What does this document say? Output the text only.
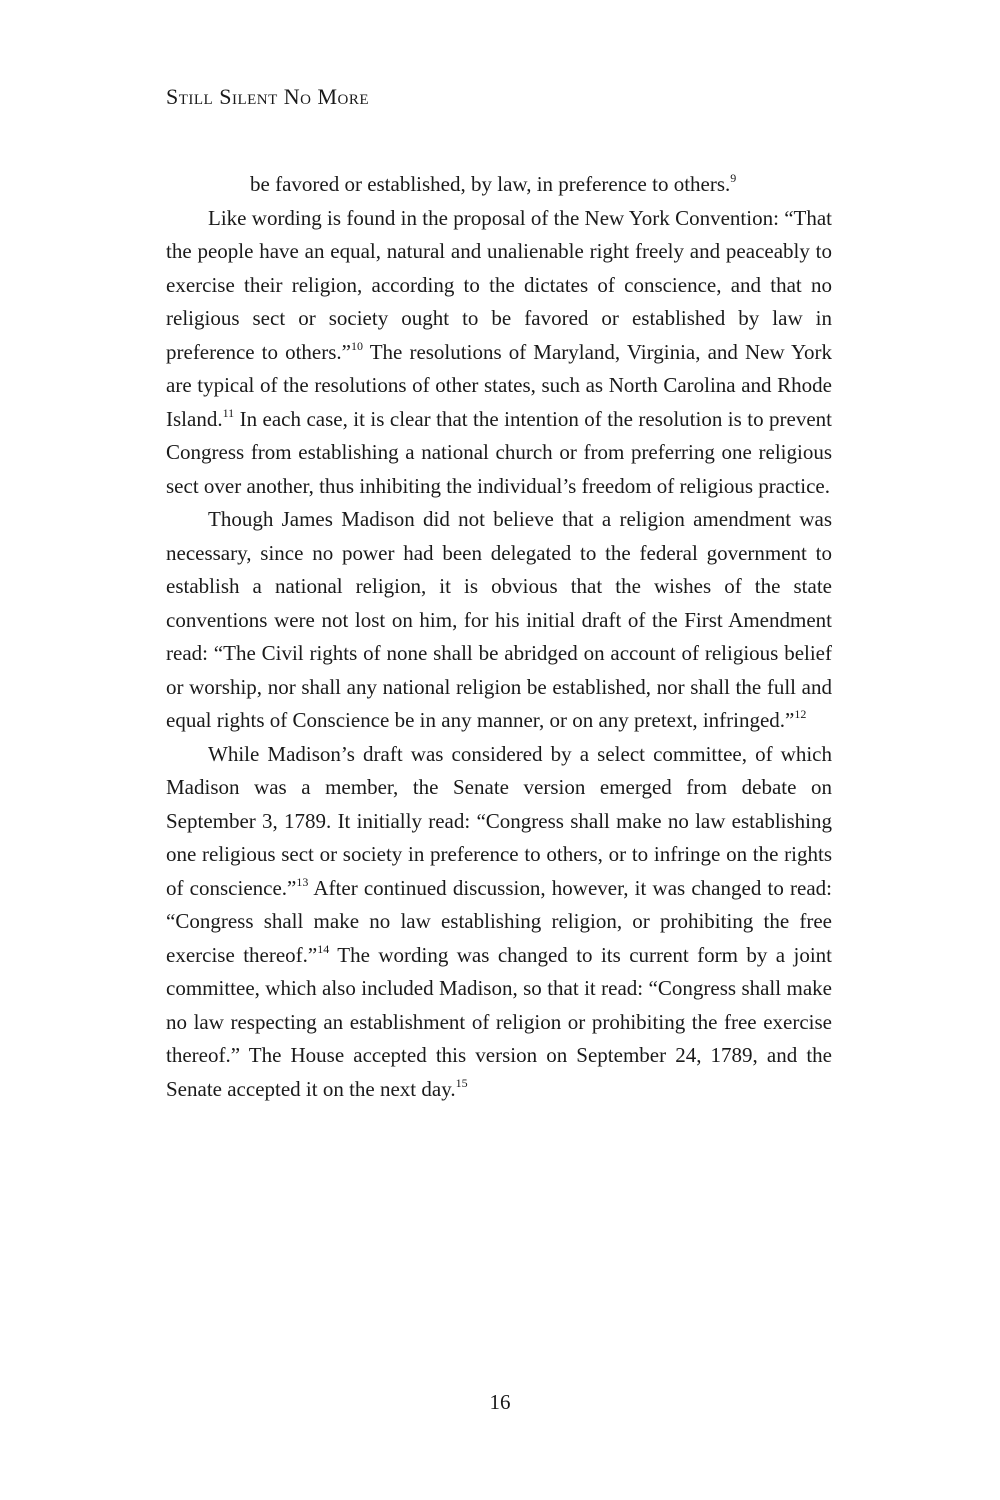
Still Silent No More

be favored or established, by law, in preference to others.$^9$

Like wording is found in the proposal of the New York Convention: “That the people have an equal, natural and unalienable right freely and peaceably to exercise their religion, according to the dictates of conscience, and that no religious sect or society ought to be favored or established by law in preference to others.”$^{10}$ The resolutions of Maryland, Virginia, and New York are typical of the resolutions of other states, such as North Carolina and Rhode Island.$^{11}$ In each case, it is clear that the intention of the resolution is to prevent Congress from establishing a national church or from preferring one religious sect over another, thus inhibiting the individual’s freedom of religious practice.

Though James Madison did not believe that a religion amendment was necessary, since no power had been delegated to the federal government to establish a national religion, it is obvious that the wishes of the state conventions were not lost on him, for his initial draft of the First Amendment read: “The Civil rights of none shall be abridged on account of religious belief or worship, nor shall any national religion be established, nor shall the full and equal rights of Conscience be in any manner, or on any pretext, infringed.”$^{12}$

While Madison’s draft was considered by a select committee, of which Madison was a member, the Senate version emerged from debate on September 3, 1789. It initially read: “Congress shall make no law establishing one religious sect or society in preference to others, or to infringe on the rights of conscience.”$^{13}$ After continued discussion, however, it was changed to read: “Congress shall make no law establishing religion, or prohibiting the free exercise thereof.”$^{14}$ The wording was changed to its current form by a joint committee, which also included Madison, so that it read: “Congress shall make no law respecting an establishment of religion or prohibiting the free exercise thereof.” The House accepted this version on September 24, 1789, and the Senate accepted it on the next day.$^{15}$

16
